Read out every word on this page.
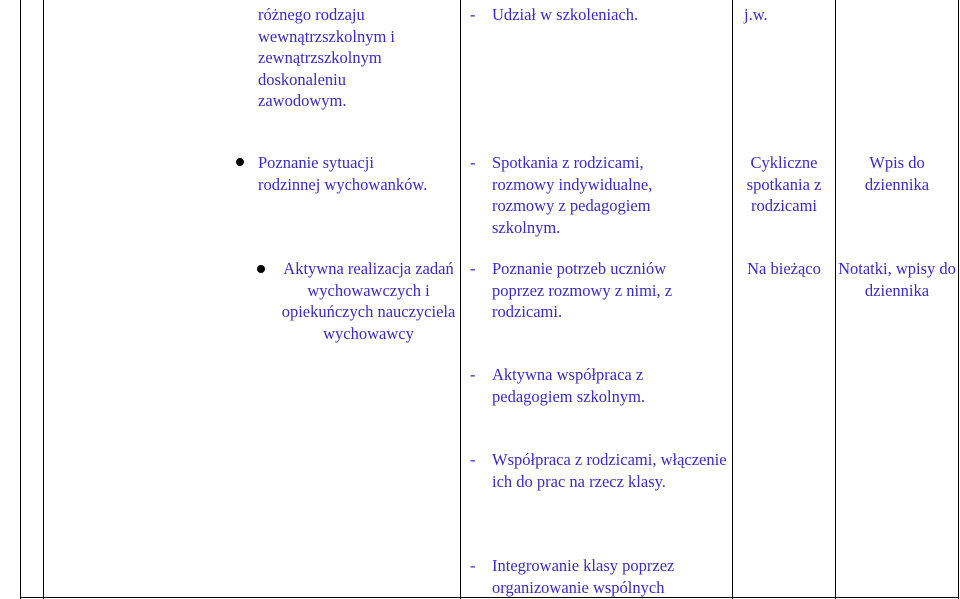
różnego rodzaju wewnątrzszkolnym i zewnątrzszkolnym doskonaleniu zawodowym.
- Udział w szkoleniach.	j.w.
Poznanie sytuacji rodzinnej wychowanków.
- Spotkania z rodzicami, rozmowy indywidualne, rozmowy z pedagogiem szkolnym.
Cykliczne spotkania z rodzicami
Wpis do dziennika
Aktywna realizacja zadań wychowawczych i opiekuńczych nauczyciela wychowawcy
- Poznanie potrzeb uczniów poprzez rozmowy z nimi, z rodzicami.
- Aktywna współpraca z pedagogiem szkolnym.
- Współpraca z rodzicami, włączenie ich do prac na rzecz klasy.
- Integrowanie klasy poprzez organizowanie wspólnych
Na bieżąco	Notatki, wpisy do dziennika
